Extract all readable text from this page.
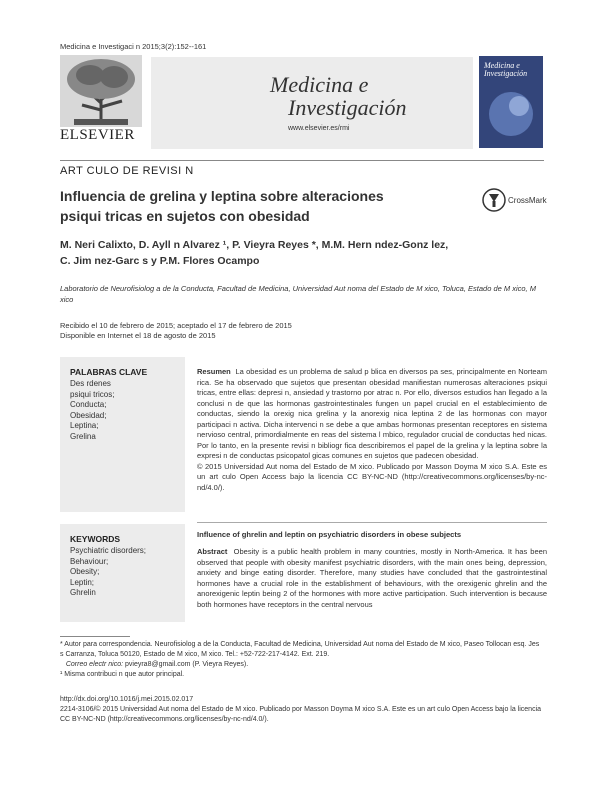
Medicina e Investigaci n 2015;3(2):152--161
ELSEVIER
Medicina e
Investigación
www.elsevier.es/rmi
Medicina e Investigación
ART CULO DE REVISI N
Influencia de grelina y leptina sobre alteraciones
psiqui tricas en sujetos con obesidad
CrossMark
M. Neri Calixto, D. Ayll n Alvarez ¹, P. Vieyra Reyes *, M.M. Hern ndez-Gonz lez,
C. Jim nez-Garc s y P.M. Flores Ocampo
Laboratorio de Neurofisiolog a de la Conducta, Facultad de Medicina, Universidad Aut noma del Estado de M xico, Toluca, Estado de M xico, M xico
Recibido el 10 de febrero de 2015; aceptado el 17 de febrero de 2015
Disponible en Internet el 18 de agosto de 2015
PALABRAS CLAVE
Des rdenes
psiqui tricos;
Conducta;
Obesidad;
Leptina;
Grelina
KEYWORDS
Psychiatric disorders;
Behaviour;
Obesity;
Leptin;
Ghrelin
Resumen La obesidad es un problema de salud p blica en diversos pa ses, principalmente en Norteam rica. Se ha observado que sujetos que presentan obesidad manifiestan numerosas alteraciones psiqui tricas, entre ellas: depresi n, ansiedad y trastorno por atrac n. Por ello, diversos estudios han llegado a la conclusi n de que las hormonas gastrointestinales fungen un papel crucial en el establecimiento de conductas, siendo la orexig nica grelina y la anorexig nica leptina 2 de las hormonas con mayor participaci n activa. Dicha intervenci n se debe a que ambas hormonas presentan receptores en sistema nervioso central, primordialmente en reas del sistema l mbico, regulador crucial de conductas hed nicas. Por lo tanto, en la presente revisi n bibliogr fica describiremos el papel de la grelina y la leptina sobre la expresi n de conductas psicopatol gicas comunes en sujetos que padecen obesidad.
© 2015 Universidad Aut noma del Estado de M xico. Publicado por Masson Doyma M xico S.A. Este es un art culo Open Access bajo la licencia CC BY-NC-ND (http://creativecommons.org/licenses/by-nc-nd/4.0/).
Influence of ghrelin and leptin on psychiatric disorders in obese subjects
Abstract Obesity is a public health problem in many countries, mostly in North-America. It has been observed that people with obesity manifest psychiatric disorders, with the main ones being, depression, anxiety and binge eating disorder. Therefore, many studies have concluded that the gastrointestinal hormones have a crucial role in the establishment of behaviours, with the orexigenic ghrelin and the anorexigenic leptin being 2 of the hormones with more active participation. Such intervention is because both hormones have receptors in the central nervous
* Autor para correspondencia. Neurofisiolog a de la Conducta, Facultad de Medicina, Universidad Aut noma del Estado de M xico, Paseo Tollocan esq. Jes s Carranza, Toluca 50120, Estado de M xico, M xico. Tel.: +52-722-217-4142. Ext. 219.
Correo electr nico: pvieyra8@gmail.com (P. Vieyra Reyes).
¹ Misma contribuci n que autor principal.
http://dx.doi.org/10.1016/j.mei.2015.02.017
2214-3106/© 2015 Universidad Aut noma del Estado de M xico. Publicado por Masson Doyma M xico S.A. Este es un art culo Open Access bajo la licencia CC BY-NC-ND (http://creativecommons.org/licenses/by-nc-nd/4.0/).
